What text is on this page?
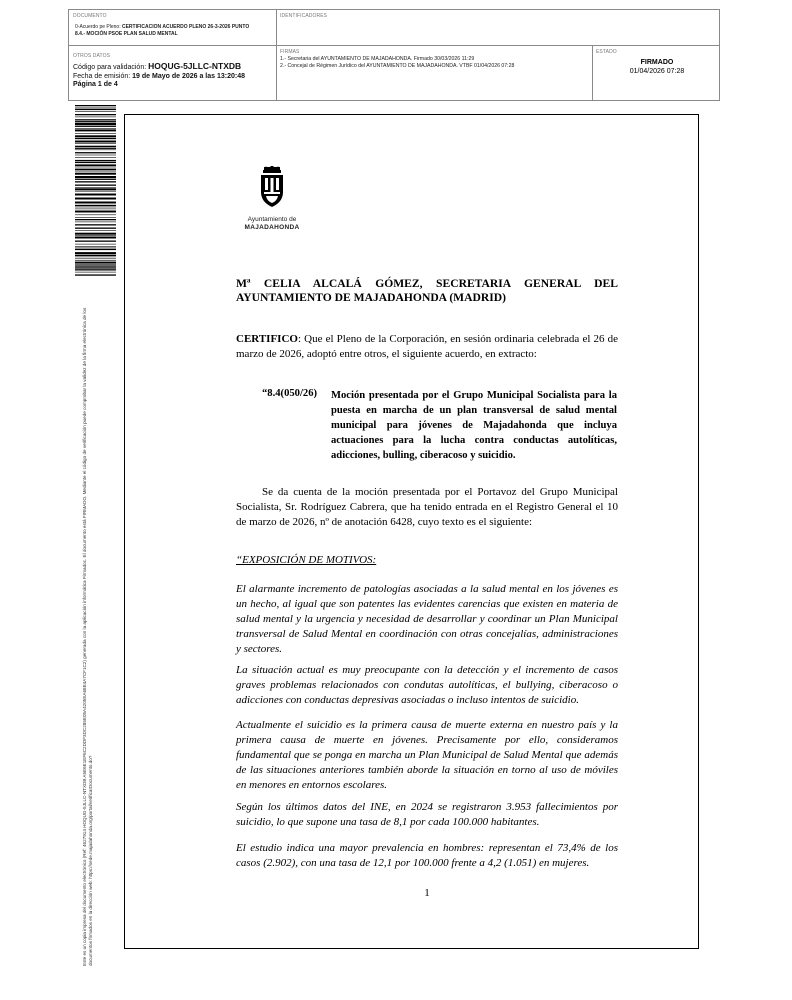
DOCUMENTO
0-Acuerdo pe Pleno: CERTIFICACION ACUERDO PLENO 26-3-2026 PUNTO
8.4.- MOCIÓN PSOE PLAN SALUD MENTAL
IDENTIFICADORES
OTROS DATOS
Código para validación: HOQUG-5JLLC-NTXDB
Fecha de emisión: 19 de Mayo de 2026 a las 13:20:48
Página 1 de 4
FIRMAS
1.- Secretaria del AYUNTAMIENTO DE MAJADAHONDA. Firmado 30/03/2026 11:29
2.- Concejal de Régimen Jurídico del AYUNTAMIENTO DE MAJADAHONDA. VTBF 01/04/2026 07:28
ESTADO
FIRMADO
01/04/2026 07:28
Este es un copia impresa del documento electrónico (Ref: 4627914 HOQUG-5JLLC-NTXDB A5E6E1EF6C2DDF3DC285E05A4205EA68E4A7CF1C2) generada con la aplicación informática Firmadoc. El documento está FIRMADO. Mediante el código de verificación puede comprobar la validez de la firma electrónica de los documentos firmados en la dirección web: https://sede.majadahonda.org/portal/verificarDocumento.do?
Ayuntamiento de
MAJADAHONDA
Mª CELIA ALCALÁ GÓMEZ, SECRETARIA GENERAL DEL AYUNTAMIENTO DE MAJADAHONDA (MADRID)
CERTIFICO: Que el Pleno de la Corporación, en sesión ordinaria celebrada el 26 de marzo de 2026, adoptó entre otros, el siguiente acuerdo, en extracto:
“8.4(050/26) Moción presentada por el Grupo Municipal Socialista para la puesta en marcha de un plan transversal de salud mental municipal para jóvenes de Majadahonda que incluya actuaciones para la lucha contra conductas autolíticas, adicciones, bulling, ciberacoso y suicidio.
Se da cuenta de la moción presentada por el Portavoz del Grupo Municipal Socialista, Sr. Rodríguez Cabrera, que ha tenido entrada en el Registro General el 10 de marzo de 2026, nº de anotación 6428, cuyo texto es el siguiente:
“EXPOSICIÓN DE MOTIVOS:
El alarmante incremento de patologías asociadas a la salud mental en los jóvenes es un hecho, al igual que son patentes las evidentes carencias que existen en materia de salud mental y la urgencia y necesidad de desarrollar y coordinar un Plan Municipal transversal de Salud Mental en coordinación con otras concejalías, administraciones y sectores.
La situación actual es muy preocupante con la detección y el incremento de casos graves problemas relacionados con condutas autolíticas, el bullying, ciberacoso o adicciones con conductas depresivas asociadas o incluso intentos de suicidio.
Actualmente el suicidio es la primera causa de muerte externa en nuestro país y la primera causa de muerte en jóvenes. Precisamente por ello, consideramos fundamental que se ponga en marcha un Plan Municipal de Salud Mental que además de las situaciones anteriores también aborde la situación en torno al uso de móviles en menores en entornos escolares.
Según los últimos datos del INE, en 2024 se registraron 3.953 fallecimientos por suicidio, lo que supone una tasa de 8,1 por cada 100.000 habitantes.
El estudio indica una mayor prevalencia en hombres: representan el 73,4% de los casos (2.902), con una tasa de 12,1 por 100.000 frente a 4,2 (1.051) en mujeres.
1
